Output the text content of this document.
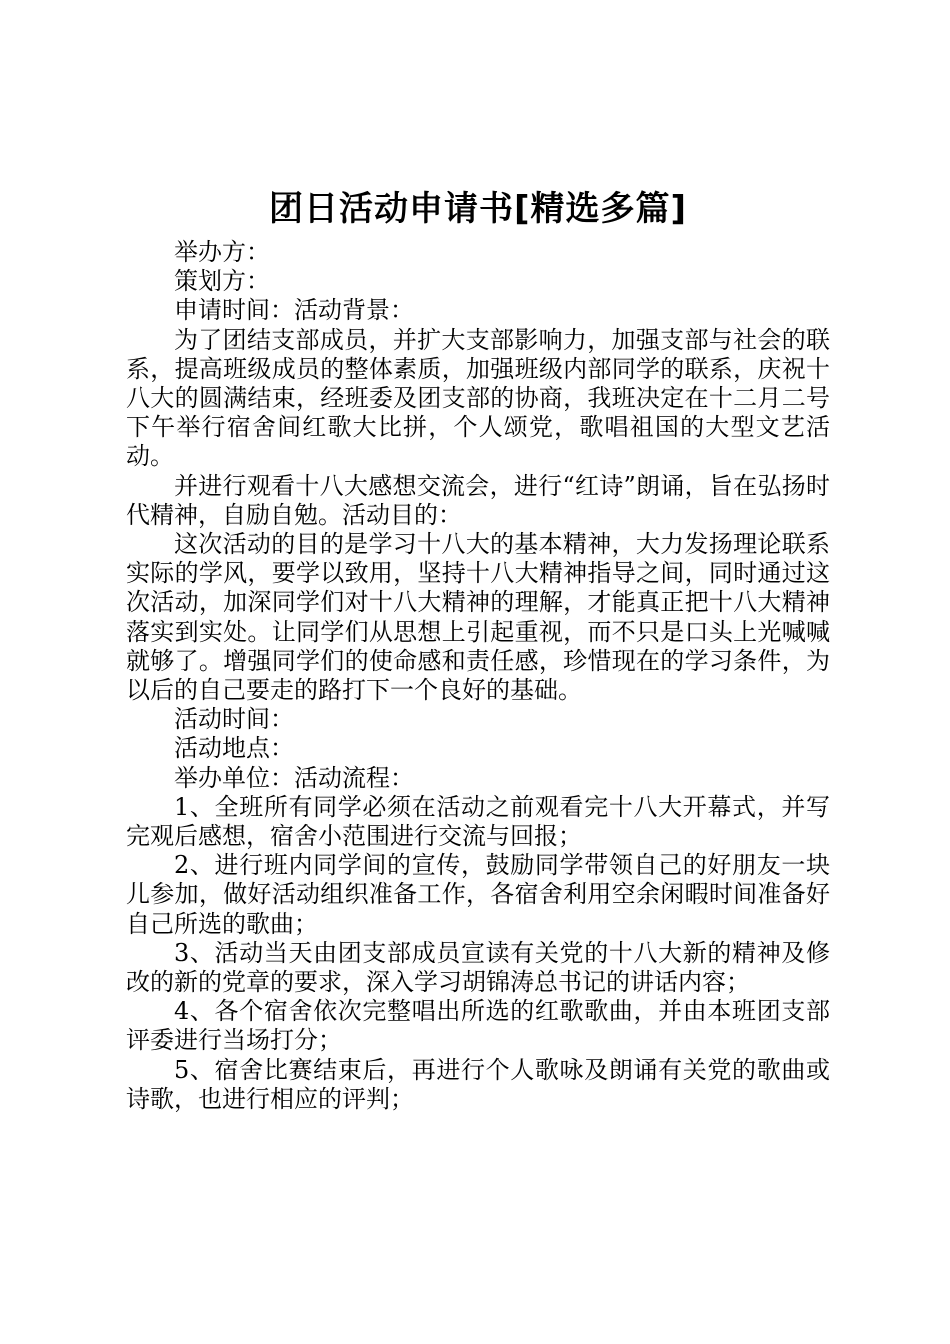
团日活动申请书[精选多篇]

举办方：

策划方：

申请时间：活动背景：

为了团结支部成员，并扩大支部影响力，加强支部与社会的联系，提高班级成员的整体素质，加强班级内部同学的联系，庆祝十八大的圆满结束，经班委及团支部的协商，我班决定在十二月二号下午举行宿舍间红歌大比拼，个人颂党，歌唱祖国的大型文艺活动。

并进行观看十八大感想交流会，进行“红诗”朗诵，旨在弘扬时代精神，自励自勉。活动目的：

这次活动的目的是学习十八大的基本精神，大力发扬理论联系实际的学风，要学以致用，坚持十八大精神指导之间，同时通过这次活动，加深同学们对十八大精神的理解，才能真正把十八大精神落实到实处。让同学们从思想上引起重视，而不只是口头上光喊喊就够了。增强同学们的使命感和责任感，珍惜现在的学习条件，为以后的自己要走的路打下一个良好的基础。

活动时间：

活动地点：

举办单位：活动流程：

1、全班所有同学必须在活动之前观看完十八大开幕式，并写完观后感想，宿舍小范围进行交流与回报；

2、进行班内同学间的宣传，鼓励同学带领自己的好朋友一块儿参加，做好活动组织准备工作，各宿舍利用空余闲暇时间准备好自己所选的歌曲；

3、活动当天由团支部成员宣读有关党的十八大新的精神及修改的新的党章的要求，深入学习胡锦涛总书记的讲话内容；

4、各个宿舍依次完整唱出所选的红歌歌曲，并由本班团支部评委进行当场打分；

5、宿舍比赛结束后，再进行个人歌咏及朗诵有关党的歌曲或诗歌，也进行相应的评判；
